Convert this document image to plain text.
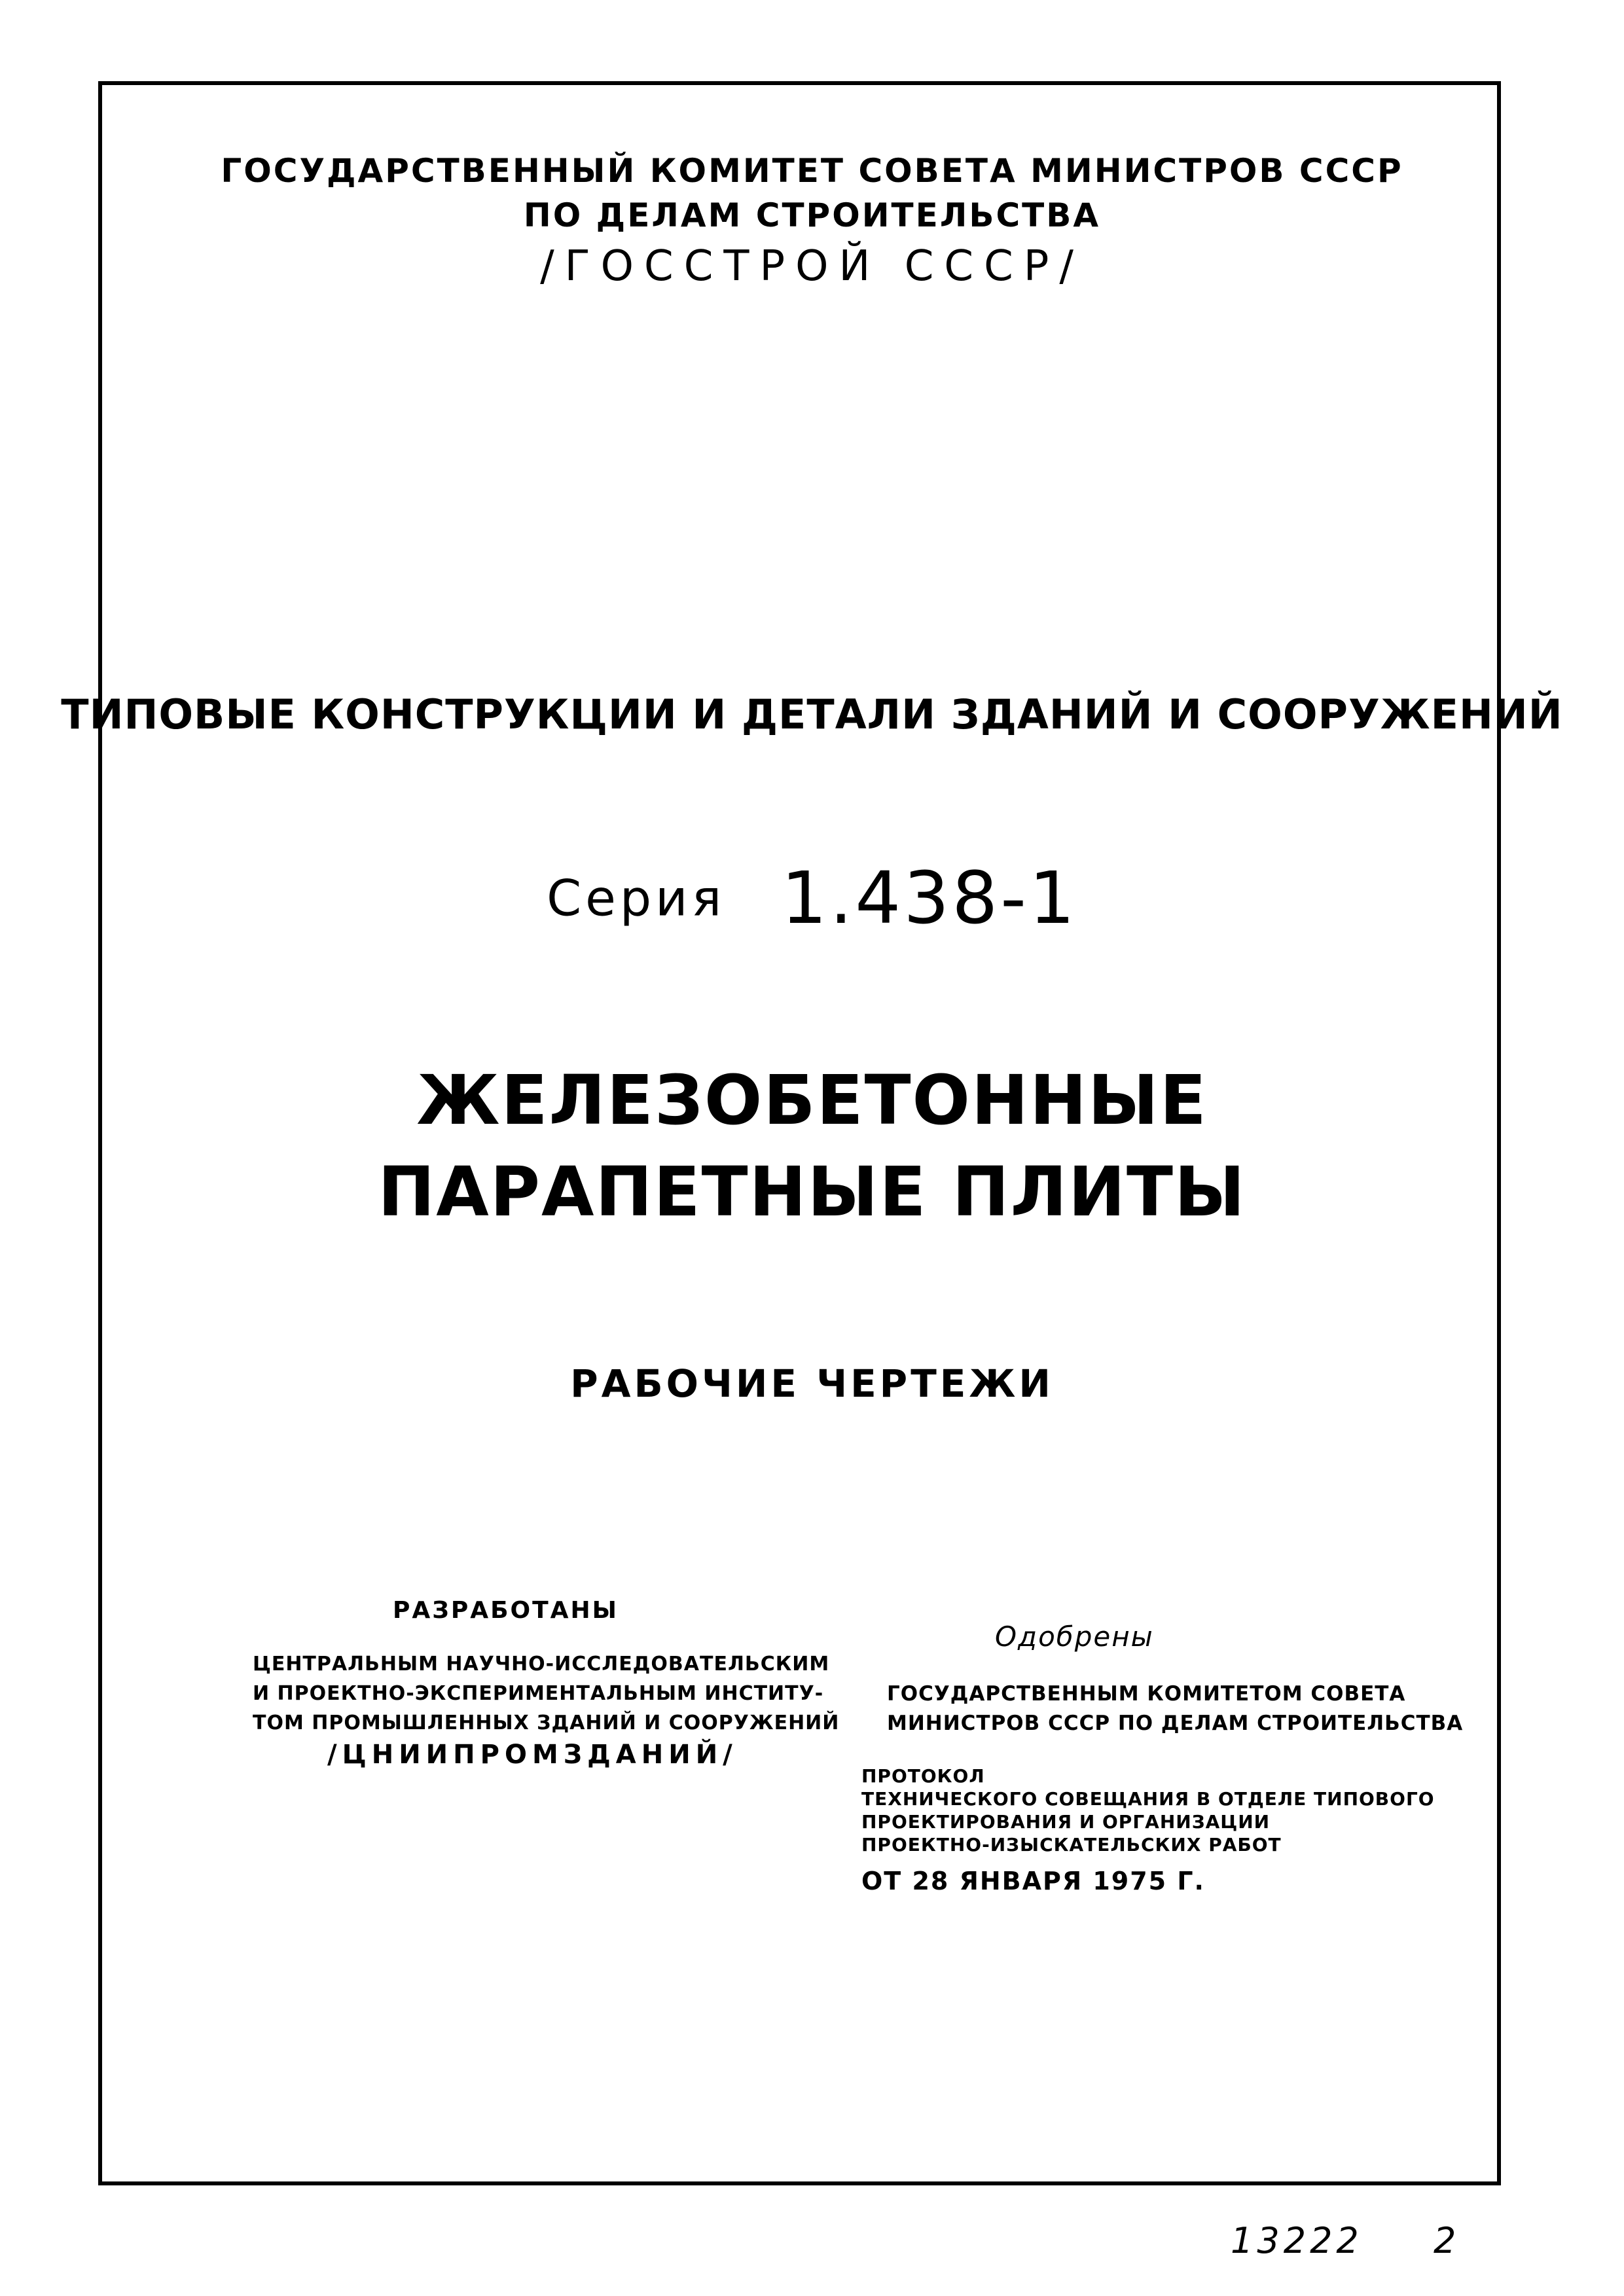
ГОСУДАРСТВЕННЫЙ КОМИТЕТ СОВЕТА МИНИСТРОВ СССР
ПО ДЕЛАМ СТРОИТЕЛЬСТВА
/ГОССТРОЙ СССР/
ТИПОВЫЕ КОНСТРУКЦИИ И ДЕТАЛИ ЗДАНИЙ И СООРУЖЕНИЙ
Серия 1.438-1
ЖЕЛЕЗОБЕТОННЫЕ
ПАРАПЕТНЫЕ ПЛИТЫ
РАБОЧИЕ ЧЕРТЕЖИ
РАЗРАБОТАНЫ
ЦЕНТРАЛЬНЫМ НАУЧНО-ИССЛЕДОВАТЕЛЬСКИМ
И ПРОЕКТНО-ЭКСПЕРИМЕНТАЛЬНЫМ ИНСТИТУ-
ТОМ ПРОМЫШЛЕННЫХ ЗДАНИЙ И СООРУЖЕНИЙ
/ЦНИИПРОМЗДАНИЙ/
Одобрены
ГОСУДАРСТВЕННЫМ КОМИТЕТОМ СОВЕТА
МИНИСТРОВ СССР ПО ДЕЛАМ СТРОИТЕЛЬСТВА
ПРОТОКОЛ
ТЕХНИЧЕСКОГО СОВЕЩАНИЯ В ОТДЕЛЕ ТИПОВОГО
ПРОЕКТИРОВАНИЯ И ОРГАНИЗАЦИИ
ПРОЕКТНО-ИЗЫСКАТЕЛЬСКИХ РАБОТ
ОТ 28 ЯНВАРЯ 1975 Г.
13222 2
